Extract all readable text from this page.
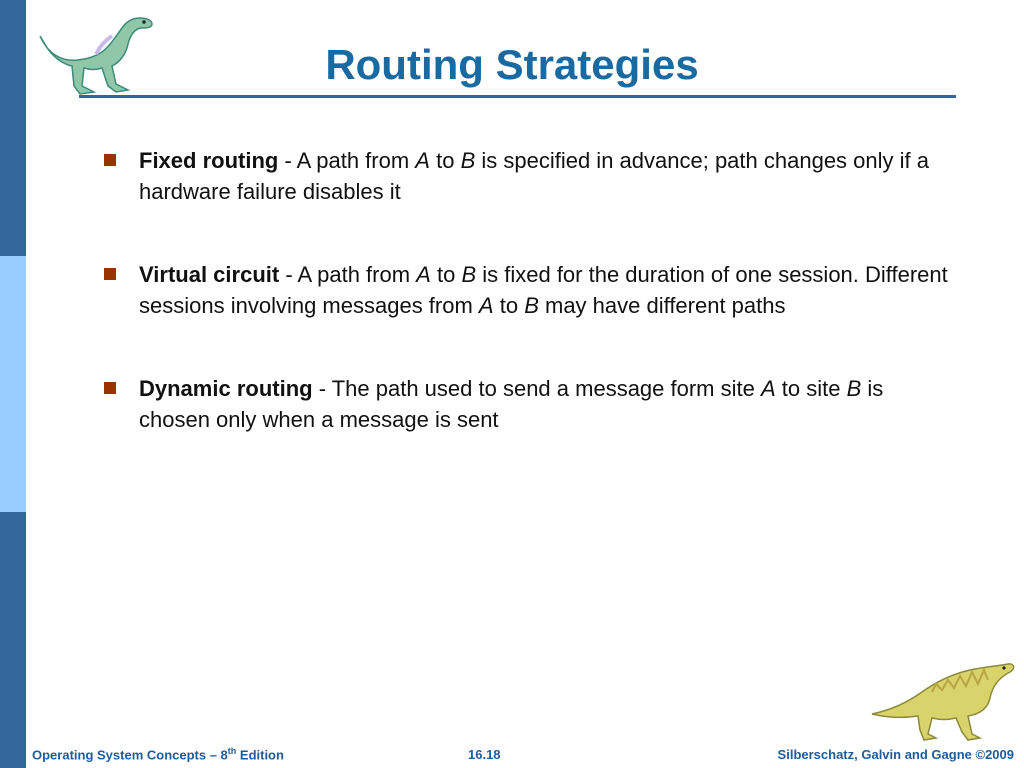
Routing Strategies
Fixed routing - A path from A to B is specified in advance; path changes only if a hardware failure disables it
Virtual circuit - A path from A to B is fixed for the duration of one session. Different sessions involving messages from A to B may have different paths
Dynamic routing - The path used to send a message form site A to site B is chosen only when a message is sent
Operating System Concepts – 8th Edition	16.18	Silberschatz, Galvin and Gagne ©2009
